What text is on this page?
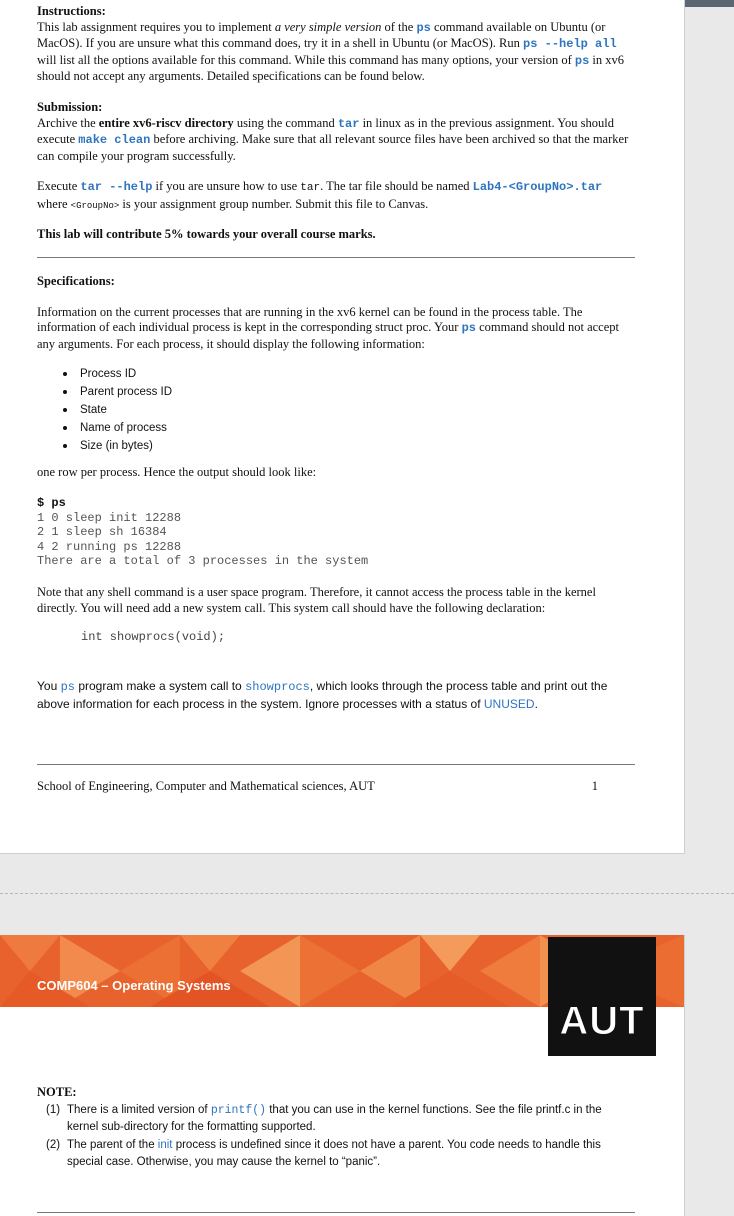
Instructions:

This lab assignment requires you to implement a very simple version of the ps command available on Ubuntu (or MacOS). If you are unsure what this command does, try it in a shell in Ubuntu (or MacOS). Run ps --help all will list all the options available for this command. While this command has many options, your version of ps in xv6 should not accept any arguments. Detailed specifications can be found below.

Submission:

Archive the entire xv6-riscv directory using the command tar in linux as in the previous assignment. You should execute make clean before archiving. Make sure that all relevant source files have been archived so that the marker can compile your program successfully.

Execute tar --help if you are unsure how to use tar. The tar file should be named Lab4-<GroupNo>.tar where <GroupNo> is your assignment group number. Submit this file to Canvas.

This lab will contribute 5% towards your overall course marks.

Specifications:

Information on the current processes that are running in the xv6 kernel can be found in the process table. The information of each individual process is kept in the corresponding struct proc. Your ps command should not accept any arguments. For each process, it should display the following information:

Process ID
Parent process ID
State
Name of process
Size (in bytes)

one row per process. Hence the output should look like:

$ ps
1 0 sleep init 12288
2 1 sleep sh 16384
4 2 running ps 12288
There are a total of 3 processes in the system

Note that any shell command is a user space program. Therefore, it cannot access the process table in the kernel directly. You will need add a new system call. This system call should have the following declaration:

int showprocs(void);

You ps program make a system call to showprocs, which looks through the process table and print out the above information for each process in the system. Ignore processes with a status of UNUSED.

School of Engineering, Computer and Mathematical sciences, AUT	1

NOTE:

(1) There is a limited version of printf() that you can use in the kernel functions. See the file printf.c in the kernel sub-directory for the formatting supported.
(2) The parent of the init process is undefined since it does not have a parent. You code needs to handle this special case. Otherwise, you may cause the kernel to “panic”.
COMP604 – Operating Systems
AUT
